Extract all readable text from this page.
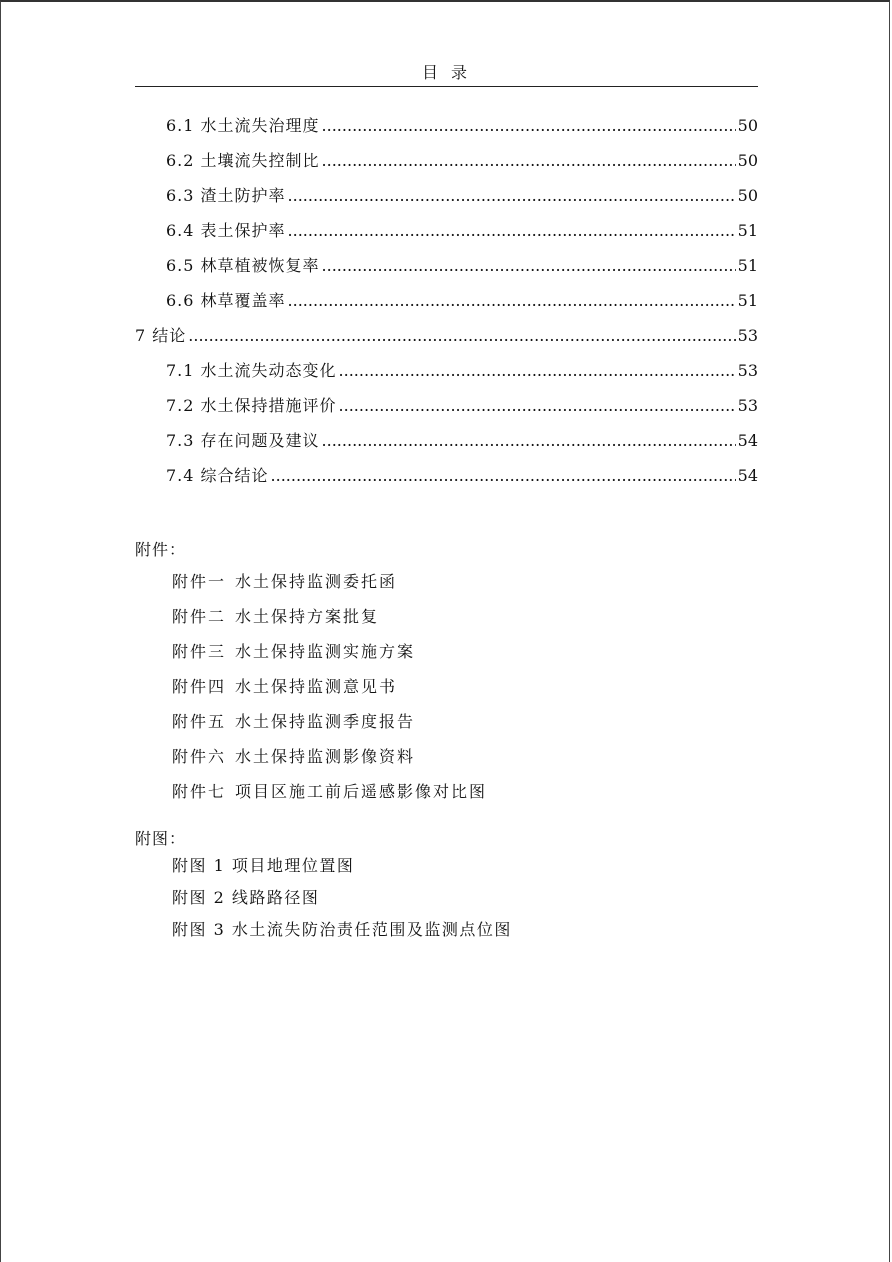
目 录
6.1 水土流失治理度 .....	50
6.2 土壤流失控制比 .....	50
6.3 渣土防护率 .....	50
6.4 表土保护率 .....	51
6.5 林草植被恢复率 .....	51
6.6 林草覆盖率 .....	51
7 结论 .....	53
7.1 水土流失动态变化 .....	53
7.2 水土保持措施评价 .....	53
7.3 存在问题及建议 .....	54
7.4 综合结论 .....	54
附件：
附件一 水土保持监测委托函
附件二 水土保持方案批复
附件三 水土保持监测实施方案
附件四 水土保持监测意见书
附件五 水土保持监测季度报告
附件六 水土保持监测影像资料
附件七 项目区施工前后遥感影像对比图
附图：
附图 1 项目地理位置图
附图 2 线路路径图
附图 3 水土流失防治责任范围及监测点位图
